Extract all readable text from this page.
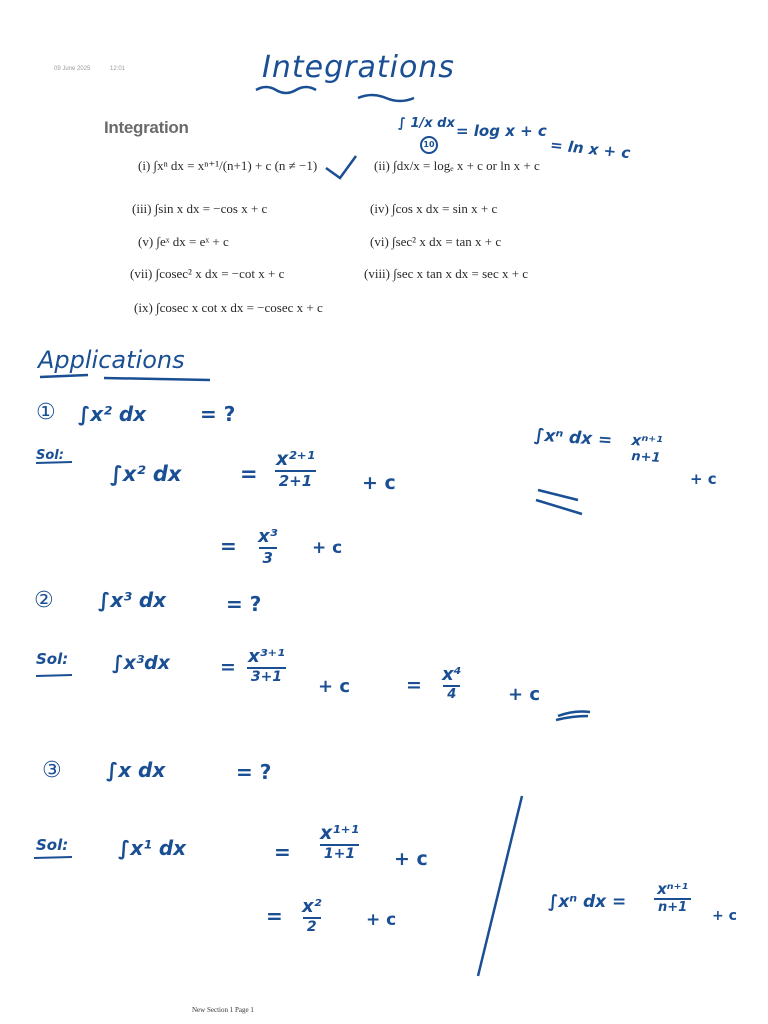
09 June 2025	12:01	Integrations
∫ 1/x dx
10
= log x + c
= ln x + c
Integration
(i) ∫xⁿ dx = xⁿ⁺¹/(n+1) + c (n ≠ −1)	(ii) ∫dx/x = logₑ x + c or ln x + c
(iii) ∫sin x dx = −cos x + c	(iv) ∫cos x dx = sin x + c
(v) ∫eˣ dx = eˣ + c	(vi) ∫sec² x dx = tan x + c
(vii) ∫cosec² x dx = −cot x + c	(viii) ∫sec x tan x dx = sec x + c
(ix) ∫cosec x cot x dx = −cosec x + c
Applications
① ∫x² dx	= ?
Sol:
∫x² dx	=
x²⁺¹
2+1	+ c
= x³
3 + c
∫xⁿ dx = xⁿ⁺¹
n+1
+ c
② ∫x³ dx	= ?
Sol: ∫x³dx	= x³⁺¹
3+1 + c	= x⁴
4	+ c
③ ∫x dx	= ?
Sol: ∫x¹ dx	=
x¹⁺¹
1+1 + c
= x²
2	+ c
∫xⁿ dx = $\frac{\text{xⁿ⁺¹}}{n+1}$
+ c
New Section 1 Page 1
